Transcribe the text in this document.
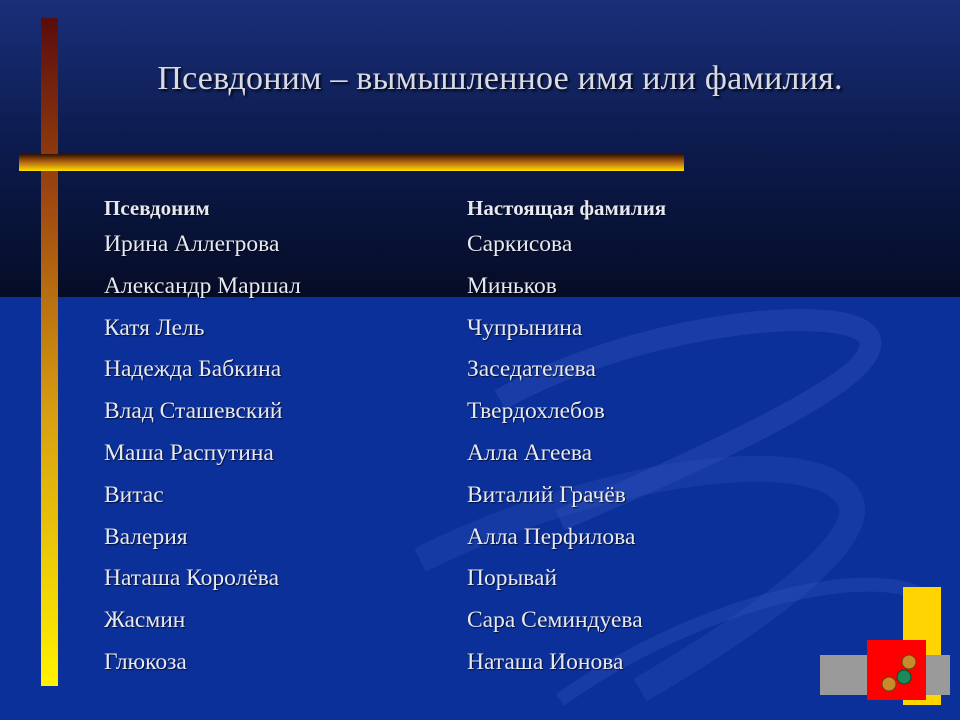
Псевдоним – вымышленное имя или фамилия.
Псевдоним
Ирина Аллегрова
Александр Маршал
Катя Лель
Надежда Бабкина
Влад Сташевский
Маша Распутина
Витас
Валерия
Наташа Королёва
Жасмин
Глюкоза
Настоящая фамилия
Саркисова
Миньков
Чупрынина
Заседателева
Твердохлебов
Алла Агеева
Виталий Грачёв
Алла Перфилова
Порывай
Сара Семиндуева
Наташа Ионова
